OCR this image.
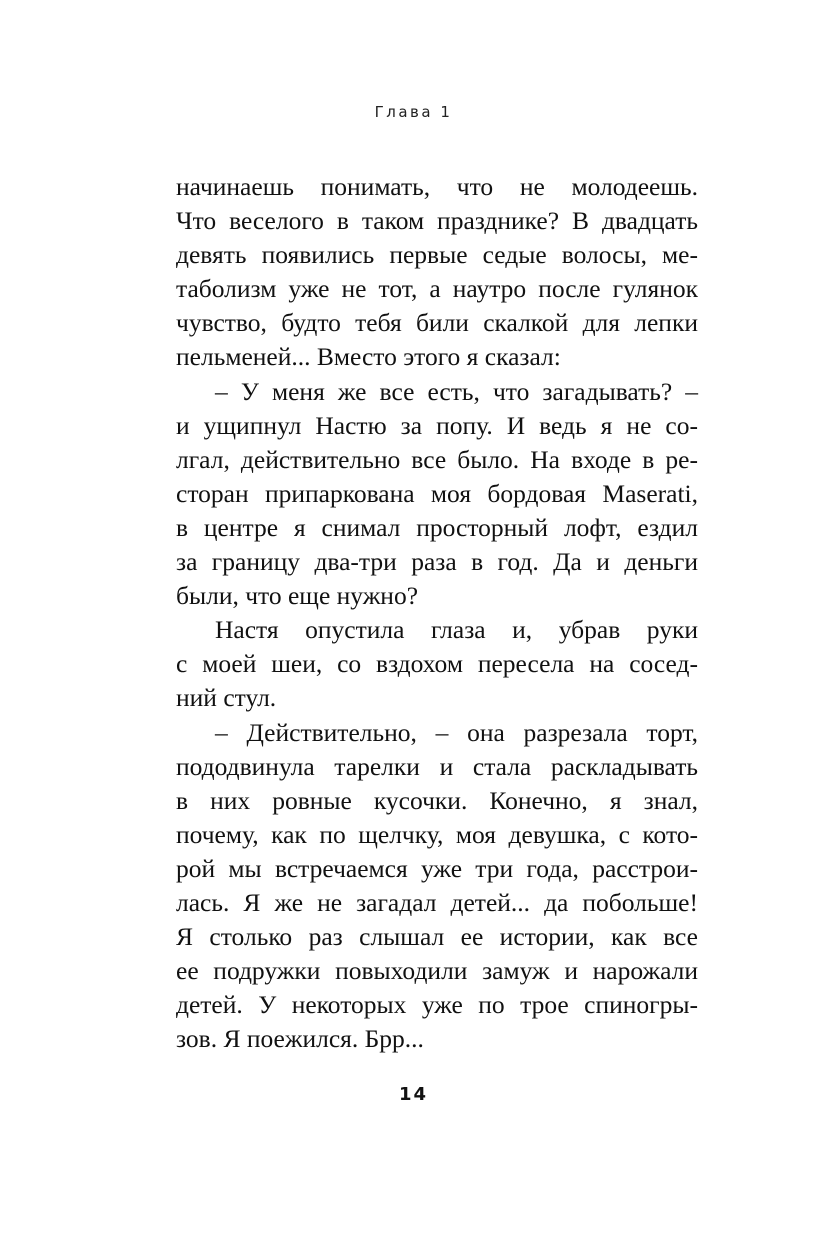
Глава 1
начинаешь понимать, что не молодеешь.
Что веселого в таком празднике? В двадцать
девять появились первые седые волосы, ме-
таболизм уже не тот, а наутро после гулянок
чувство, будто тебя били скалкой для лепки
пельменей... Вместо этого я сказал:
– У меня же все есть, что загадывать? –
и ущипнул Настю за попу. И ведь я не со-
лгал, действительно все было. На входе в ре-
сторан припаркована моя бордовая Maserati,
в центре я снимал просторный лофт, ездил
за границу два-три раза в год. Да и деньги
были, что еще нужно?
Настя опустила глаза и, убрав руки
с моей шеи, со вздохом пересела на сосед-
ний стул.
– Действительно, – она разрезала торт,
пододвинула тарелки и стала раскладывать
в них ровные кусочки. Конечно, я знал,
почему, как по щелчку, моя девушка, с кото-
рой мы встречаемся уже три года, расстрои-
лась. Я же не загадал детей... да побольше!
Я столько раз слышал ее истории, как все
ее подружки повыходили замуж и нарожали
детей. У некоторых уже по трое спиногры-
зов. Я поежился. Брр...
14
